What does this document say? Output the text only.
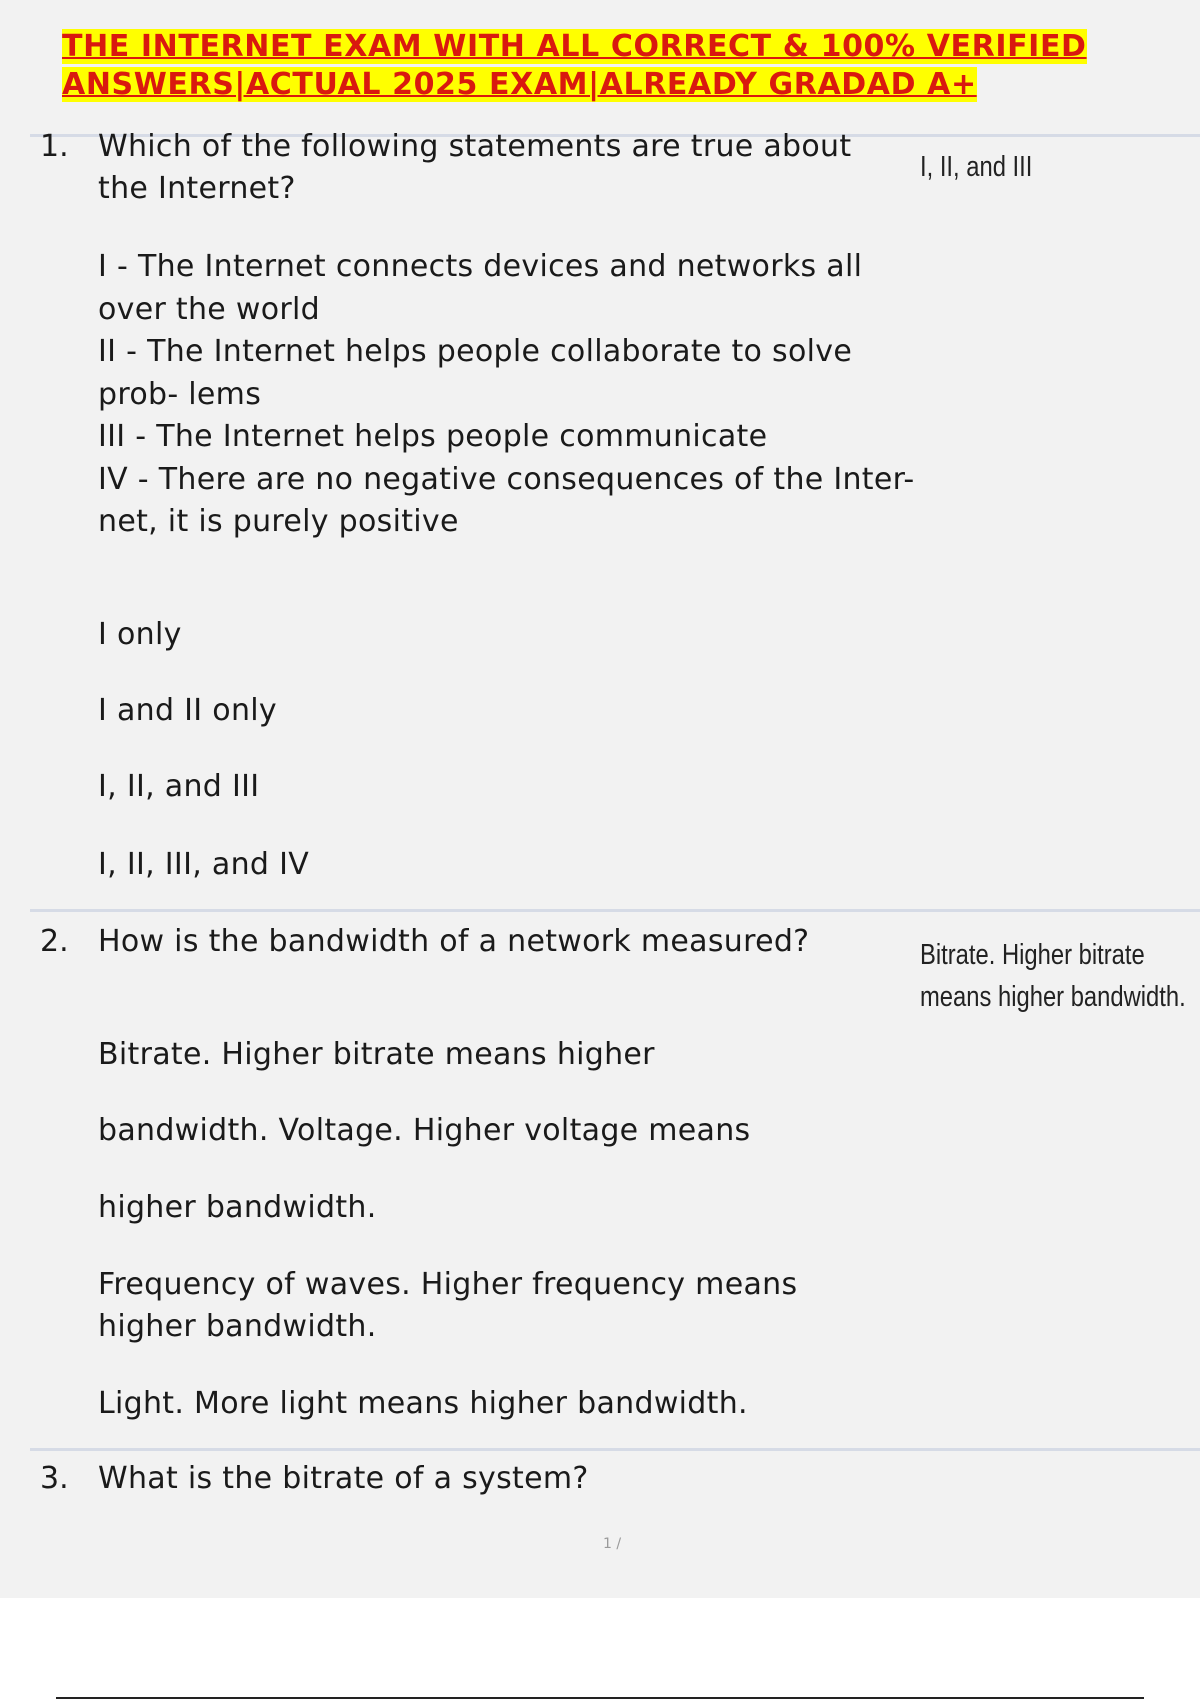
THE INTERNET EXAM WITH ALL CORRECT & 100% VERIFIED
ANSWERS|ACTUAL 2025 EXAM|ALREADY GRADAD A+
1. Which of the following statements are true about the Internet?
I, II, and III

I - The Internet connects devices and networks all over the world

II - The Internet helps people collaborate to solve prob- lems

III - The Internet helps people communicate

IV - There are no negative consequences of the Inter- net, it is purely positive

I only
I and II only
I, II, and III
I, II, III, and IV
2. How is the bandwidth of a network measured?	Bitrate. Higher bitrate means higher bandwidth.
Bitrate. Higher bitrate means higher
bandwidth. Voltage. Higher voltage means
higher bandwidth.
Frequency of waves. Higher frequency means higher bandwidth.
Light. More light means higher bandwidth.
3. What is the bitrate of a system?
1 /
